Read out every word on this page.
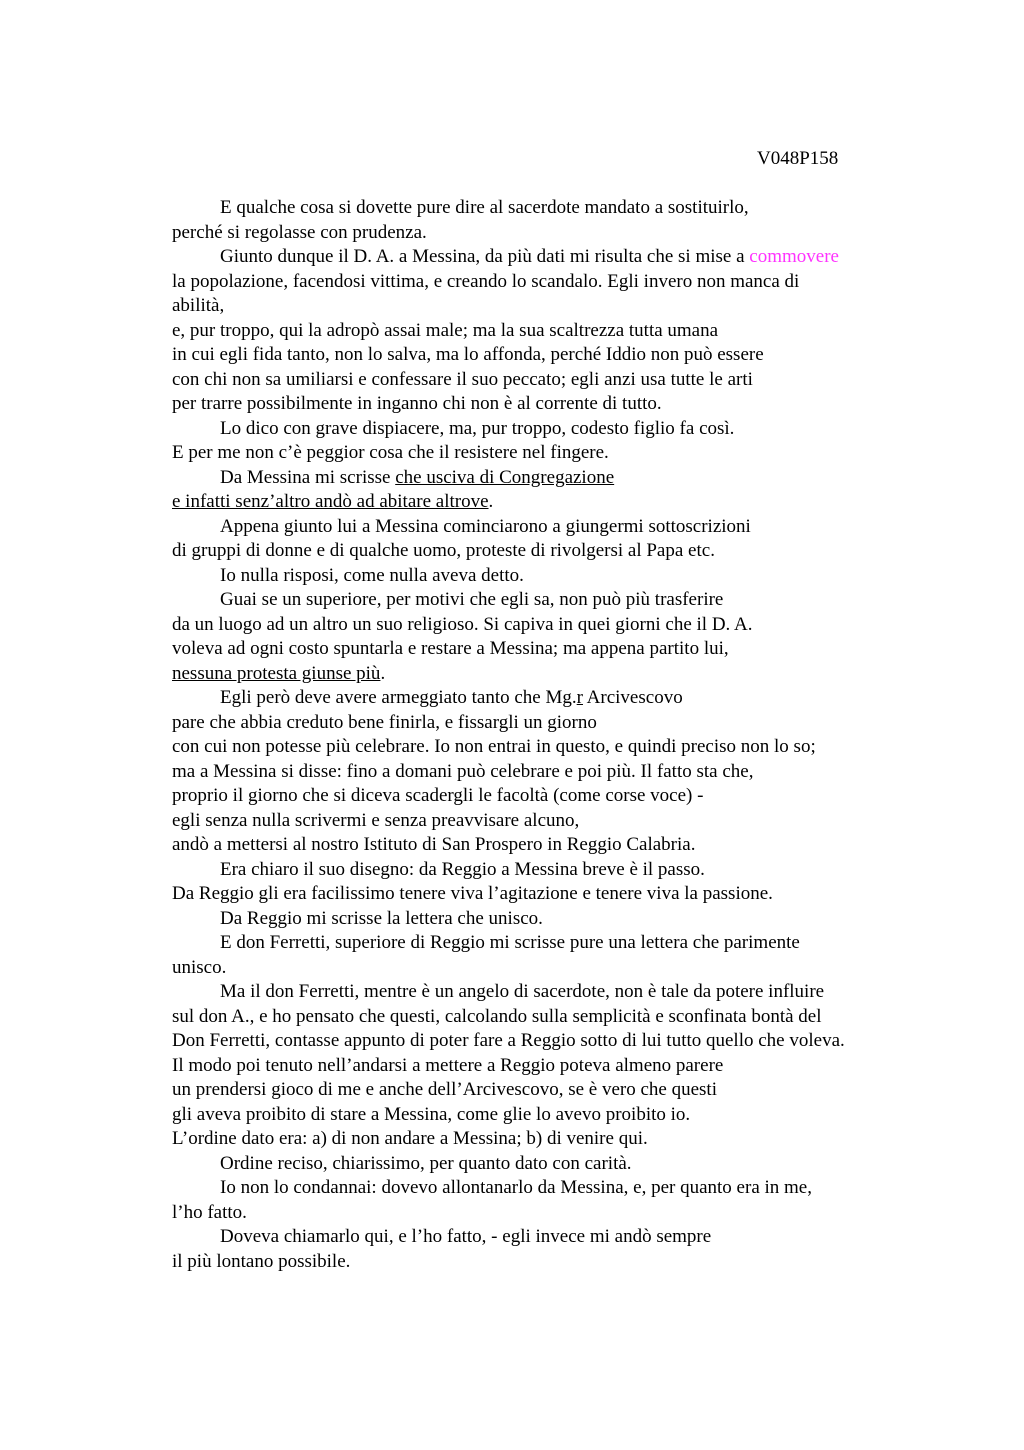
V048P158
E qualche cosa si dovette pure dire al sacerdote mandato a sostituirlo,
perché si regolasse con prudenza.
Giunto dunque il D. A. a Messina, da più dati mi risulta che si mise a commovere
la popolazione, facendosi vittima, e creando lo scandalo. Egli invero non manca di
abilità,
e, pur troppo, qui la adropò assai male; ma la sua scaltrezza tutta umana
in cui egli fida tanto, non lo salva, ma lo affonda, perché Iddio non può essere
con chi non sa umiliarsi e confessare il suo peccato; egli anzi usa tutte le arti
per trarre possibilmente in inganno chi non è al corrente di tutto.
Lo dico con grave dispiacere, ma, pur troppo, codesto figlio fa così.
E per me non c’è peggior cosa che il resistere nel fingere.
Da Messina mi scrisse che usciva di Congregazione
e infatti senz’altro andò ad abitare altrove.
Appena giunto lui a Messina cominciarono a giungermi sottoscrizioni
di gruppi di donne e di qualche uomo, proteste di rivolgersi al Papa etc.
Io nulla risposi, come nulla aveva detto.
Guai se un superiore, per motivi che egli sa, non può più trasferire
da un luogo ad un altro un suo religioso. Si capiva in quei giorni che il D. A.
voleva ad ogni costo spuntarla e restare a Messina; ma appena partito lui,
nessuna protesta giunse più.
Egli però deve avere armeggiato tanto che Mg.r Arcivescovo
pare che abbia creduto bene finirla, e fissargli un giorno
con cui non potesse più celebrare. Io non entrai in questo, e quindi preciso non lo so;
ma a Messina si disse: fino a domani può celebrare e poi più. Il fatto sta che,
proprio il giorno che si diceva scadergli le facoltà (come corse voce) -
egli senza nulla scrivermi e senza preavvisare alcuno,
andò a mettersi al nostro Istituto di San Prospero in Reggio Calabria.
Era chiaro il suo disegno: da Reggio a Messina breve è il passo.
Da Reggio gli era facilissimo tenere viva l’agitazione e tenere viva la passione.
Da Reggio mi scrisse la lettera che unisco.
E don Ferretti, superiore di Reggio mi scrisse pure una lettera che parimente
unisco.
Ma il don Ferretti, mentre è un angelo di sacerdote, non è tale da potere influire
sul don A., e ho pensato che questi, calcolando sulla semplicità e sconfinata bontà del
Don Ferretti, contasse appunto di poter fare a Reggio sotto di lui tutto quello che voleva.
Il modo poi tenuto nell’andarsi a mettere a Reggio poteva almeno parere
un prendersi gioco di me e anche dell’Arcivescovo, se è vero che questi
gli aveva proibito di stare a Messina, come glie lo avevo proibito io.
L’ordine dato era: a) di non andare a Messina; b) di venire qui.
Ordine reciso, chiarissimo, per quanto dato con carità.
Io non lo condannai: dovevo allontanarlo da Messina, e, per quanto era in me,
l’ho fatto.
Doveva chiamarlo qui, e l’ho fatto, - egli invece mi andò sempre
il più lontano possibile.
